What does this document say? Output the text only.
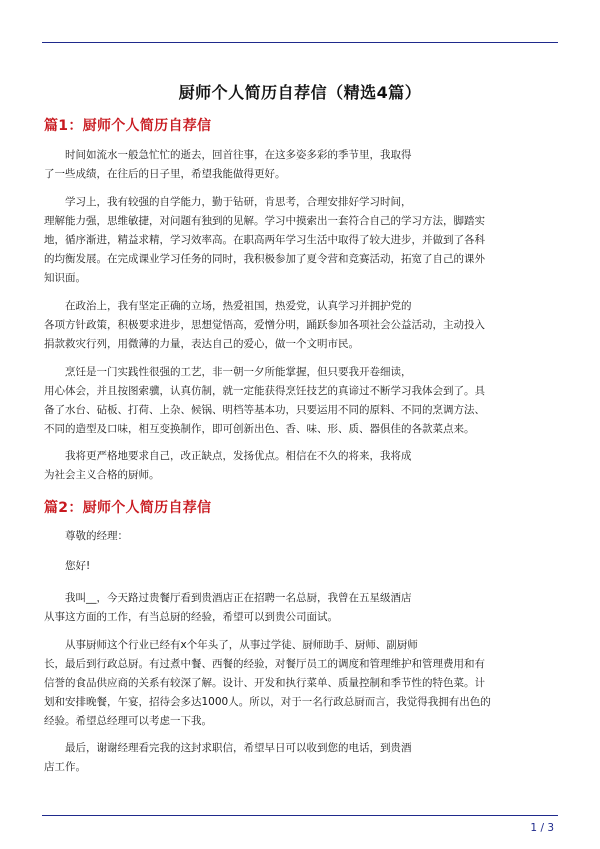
厨师个人简历自荐信（精选4篇）
篇1：厨师个人简历自荐信
　　时间如流水一般急忙忙的逝去，回首往事，在这多姿多彩的季节里，我取得
了一些成绩，在往后的日子里，希望我能做得更好。
　　学习上，我有较强的自学能力，勤于钻研，肯思考，合理安排好学习时间，
理解能力强，思维敏捷，对问题有独到的见解。学习中摸索出一套符合自己的学习方法，脚踏实
地，循序渐进，精益求精，学习效率高。在职高两年学习生活中取得了较大进步，并做到了各科
的均衡发展。在完成课业学习任务的同时，我积极参加了夏令营和竞赛活动，拓宽了自己的课外
知识面。
　　在政治上，我有坚定正确的立场，热爱祖国，热爱党，认真学习并拥护党的
各项方针政策，积极要求进步，思想觉悟高，爱憎分明，踊跃参加各项社会公益活动，主动投入
捐款救灾行列，用微薄的力量，表达自己的爱心，做一个文明市民。
　　烹饪是一门实践性很强的工艺，非一朝一夕所能掌握，但只要我开卷细读，
用心体会，并且按图索骥，认真仿制，就一定能获得烹饪技艺的真谛过不断学习我体会到了。具
备了水台、砧板、打荷、上杂、候锅、明档等基本功，只要运用不同的原料、不同的烹调方法、
不同的造型及口味，相互变换制作，即可创新出色、香、味、形、质、器俱佳的各款菜点来。
　　我将更严格地要求自己，改正缺点，发扬优点。相信在不久的将来，我将成
为社会主义合格的厨师。
篇2：厨师个人简历自荐信
　　尊敬的经理：
　　您好!
　　我叫__，今天路过贵餐厅看到贵酒店正在招聘一名总厨，我曾在五星级酒店
从事这方面的工作，有当总厨的经验，希望可以到贵公司面试。
　　从事厨师这个行业已经有x个年头了，从事过学徒、厨师助手、厨师、副厨师
长，最后到行政总厨。有过煮中餐、西餐的经验，对餐厅员工的调度和管理维护和管理费用和有
信誉的食品供应商的关系有较深了解。设计、开发和执行菜单、质量控制和季节性的特色菜。计
划和安排晚餐，午宴，招待会多达1000人。所以，对于一名行政总厨而言，我觉得我拥有出色的
经验。希望总经理可以考虑一下我。
　　最后，谢谢经理看完我的这封求职信，希望早日可以收到您的电话，到贵酒
店工作。
1 / 3
